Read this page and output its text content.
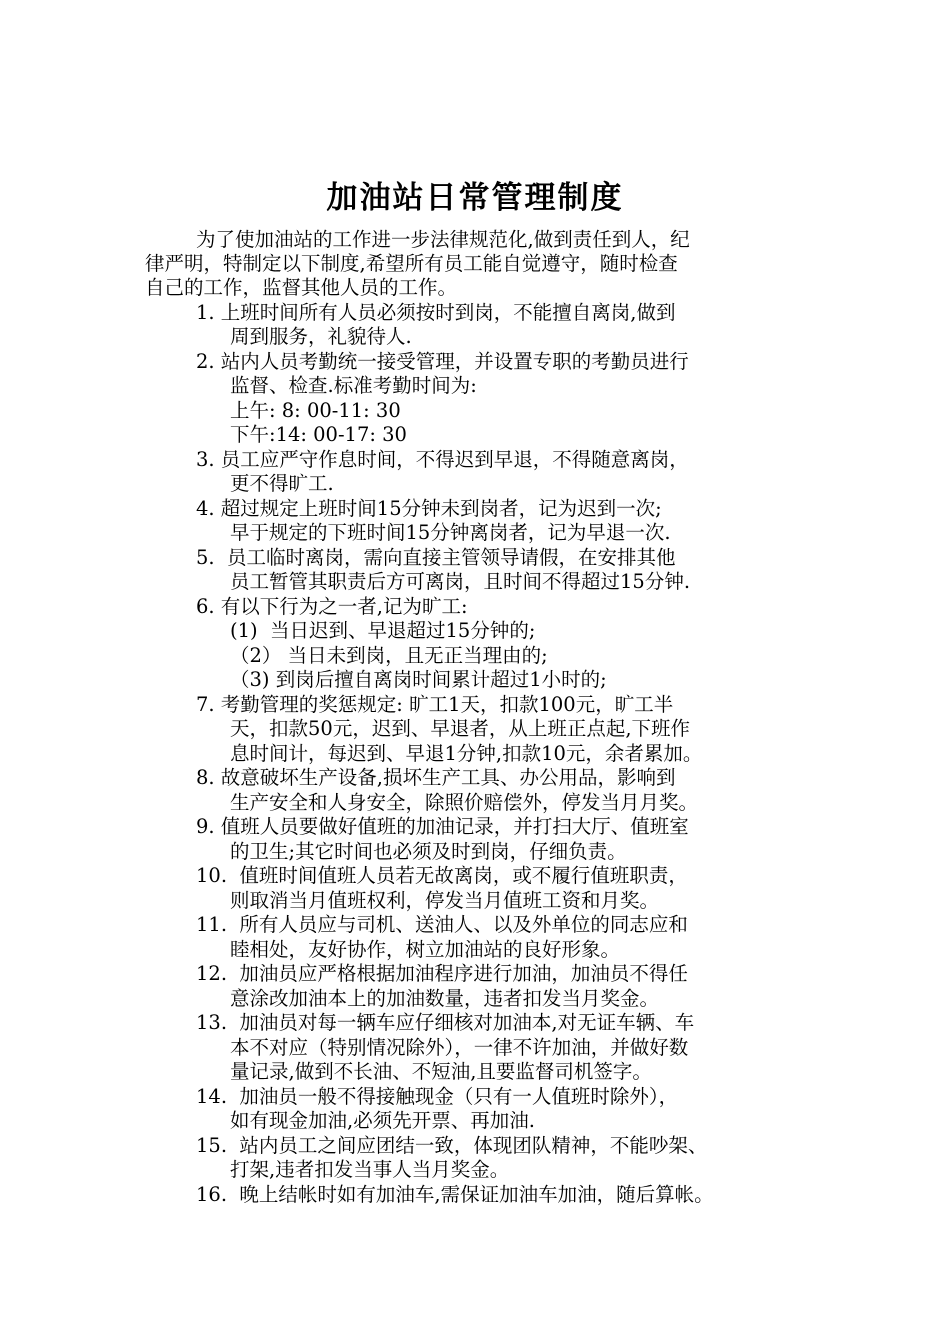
加油站日常管理制度
为了使加油站的工作进一步法律规范化,做到责任到人，纪
律严明，特制定以下制度,希望所有员工能自觉遵守，随时检查
自己的工作，监督其他人员的工作。
1. 上班时间所有人员必须按时到岗，不能擅自离岗,做到
周到服务，礼貌待人.
2. 站内人员考勤统一接受管理，并设置专职的考勤员进行
监督、检查.标准考勤时间为:
上午: 8: 00-11: 30
下午:14: 00-17: 30
3. 员工应严守作息时间，不得迟到早退，不得随意离岗，
更不得旷工.
4. 超过规定上班时间15分钟未到岗者，记为迟到一次;
早于规定的下班时间15分钟离岗者，记为早退一次.
5.  员工临时离岗，需向直接主管领导请假，在安排其他
员工暂管其职责后方可离岗，且时间不得超过15分钟.
6. 有以下行为之一者,记为旷工:
(1)  当日迟到、早退超过15分钟的;
（2） 当日未到岗，且无正当理由的;
（3) 到岗后擅自离岗时间累计超过1小时的;
7. 考勤管理的奖惩规定: 旷工1天，扣款100元，旷工半
天，扣款50元，迟到、早退者，从上班正点起,下班作
息时间计，每迟到、早退1分钟,扣款10元，余者累加。
8. 故意破坏生产设备,损坏生产工具、办公用品，影响到
生产安全和人身安全，除照价赔偿外，停发当月月奖。
9. 值班人员要做好值班的加油记录，并打扫大厅、值班室
的卫生;其它时间也必须及时到岗，仔细负责。
10.  值班时间值班人员若无故离岗，或不履行值班职责，
则取消当月值班权利，停发当月值班工资和月奖。
11.  所有人员应与司机、送油人、以及外单位的同志应和
睦相处，友好协作，树立加油站的良好形象。
12.  加油员应严格根据加油程序进行加油，加油员不得任
意涂改加油本上的加油数量，违者扣发当月奖金。
13.  加油员对每一辆车应仔细核对加油本,对无证车辆、车
本不对应（特别情况除外），一律不许加油，并做好数
量记录,做到不长油、不短油,且要监督司机签字。
14.  加油员一般不得接触现金（只有一人值班时除外），
如有现金加油,必须先开票、再加油.
15.  站内员工之间应团结一致，体现团队精神，不能吵架、
打架,违者扣发当事人当月奖金。
16.  晚上结帐时如有加油车,需保证加油车加油，随后算帐。
